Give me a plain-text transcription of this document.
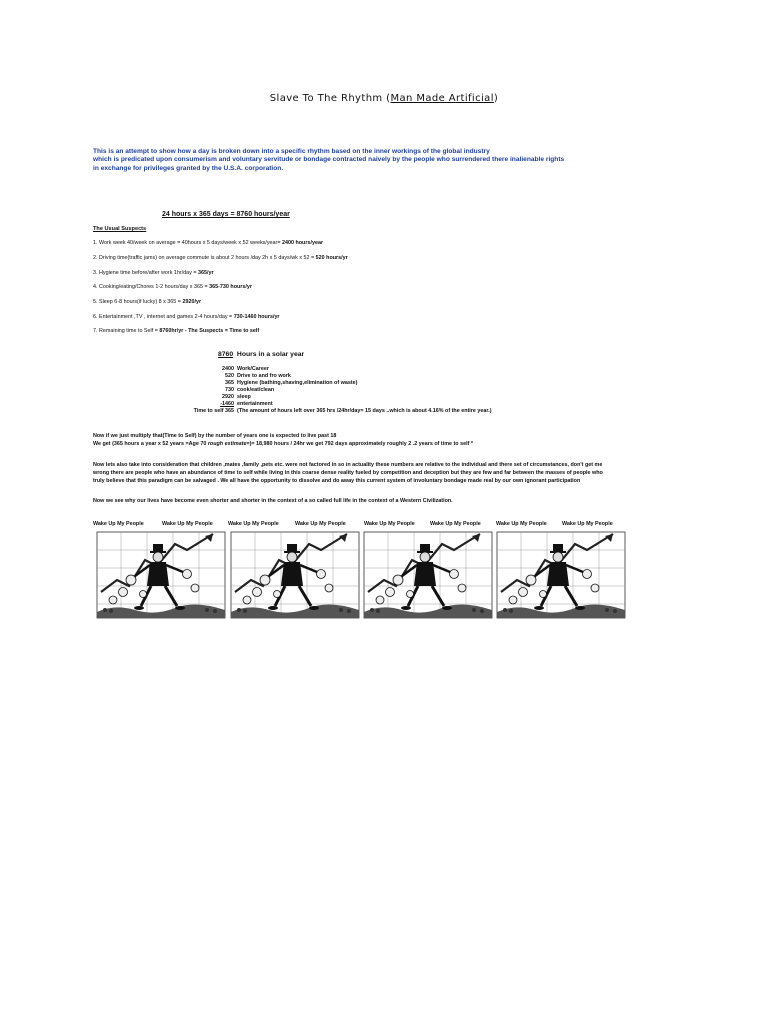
Slave To The Rhythm (Man Made Artificial)
This is an attempt to show how a day is broken down into a specific rhythm based on the inner workings of the global industry
which is predicated upon consumerism and voluntary servitude or bondage contracted naively by the people who surrendered there inalienable rights
in exchange for privileges granted by the U.S.A. corporation.
24 hours x 365 days = 8760 hours/year
The Usual Suspects
1. Work week 40/week on average = 40hours x 5 days/week x 52 weeks/year= 2400 hours/year
2. Driving time(traffic jams) on average commute is about 2 hours /day 2h x 5 days/wk x 52 = 520 hours/yr
3. Hygiene time before/after work 1hr/day = 365/yr
4. Cooking/eating/Chores 1-2 hours/day x 365 = 365-730 hours/yr
5. Sleep 6-8 hours(if lucky) 8 x 365 = 2920/yr
6. Entertainment ,TV , internet and games 2-4 hours/day = 730-1460 hours/yr
7. Remaining time to Self = 8760hr/yr - The Suspects = Time to self
8760 Hours in a solar year
2400 Work/Career
520 Drive to and fro work
365 Hygiene (bathing,shaving,elimination of waste)
730 cook/eat/clean
2920 sleep
-1460 entertainment
Time to self 365 (The amount of hours left over 365 hrs /24hr/day= 15 days ..which is about 4.16% of the entire year.)
Now if we just multiply that(Time to Self) by the number of years one is expected to live past 18
We get (365 hours a year x 52 years =Age 70 rough estimate=)= 18,980 hours / 24hr we get 792 days approximately roughly 2 .2 years of time to self *
Now lets also take into consideration that children ,mates ,family ,pets etc. were not factored in so in actuality these numbers are relative to the individual and there set of circumstances, don't get me
wrong there are people who have an abundance of time to self while living in this coarse dense reality fueled by competition and deception but they are few and far between the masses of people who
truly believe that this paradigm can be salvaged . We all have the opportunity to dissolve and do away this current system of involuntary bondage made real by our own ignorant participation
Now we see why our lives have become even shorter and shorter in the context of a so called full life in the context of a Western Civilization.
Wake Up My People	Wake Up My People	Wake Up My People	Wake Up My People	Wake Up My People	Wake Up My People	Wake Up My People	Wake Up My People
